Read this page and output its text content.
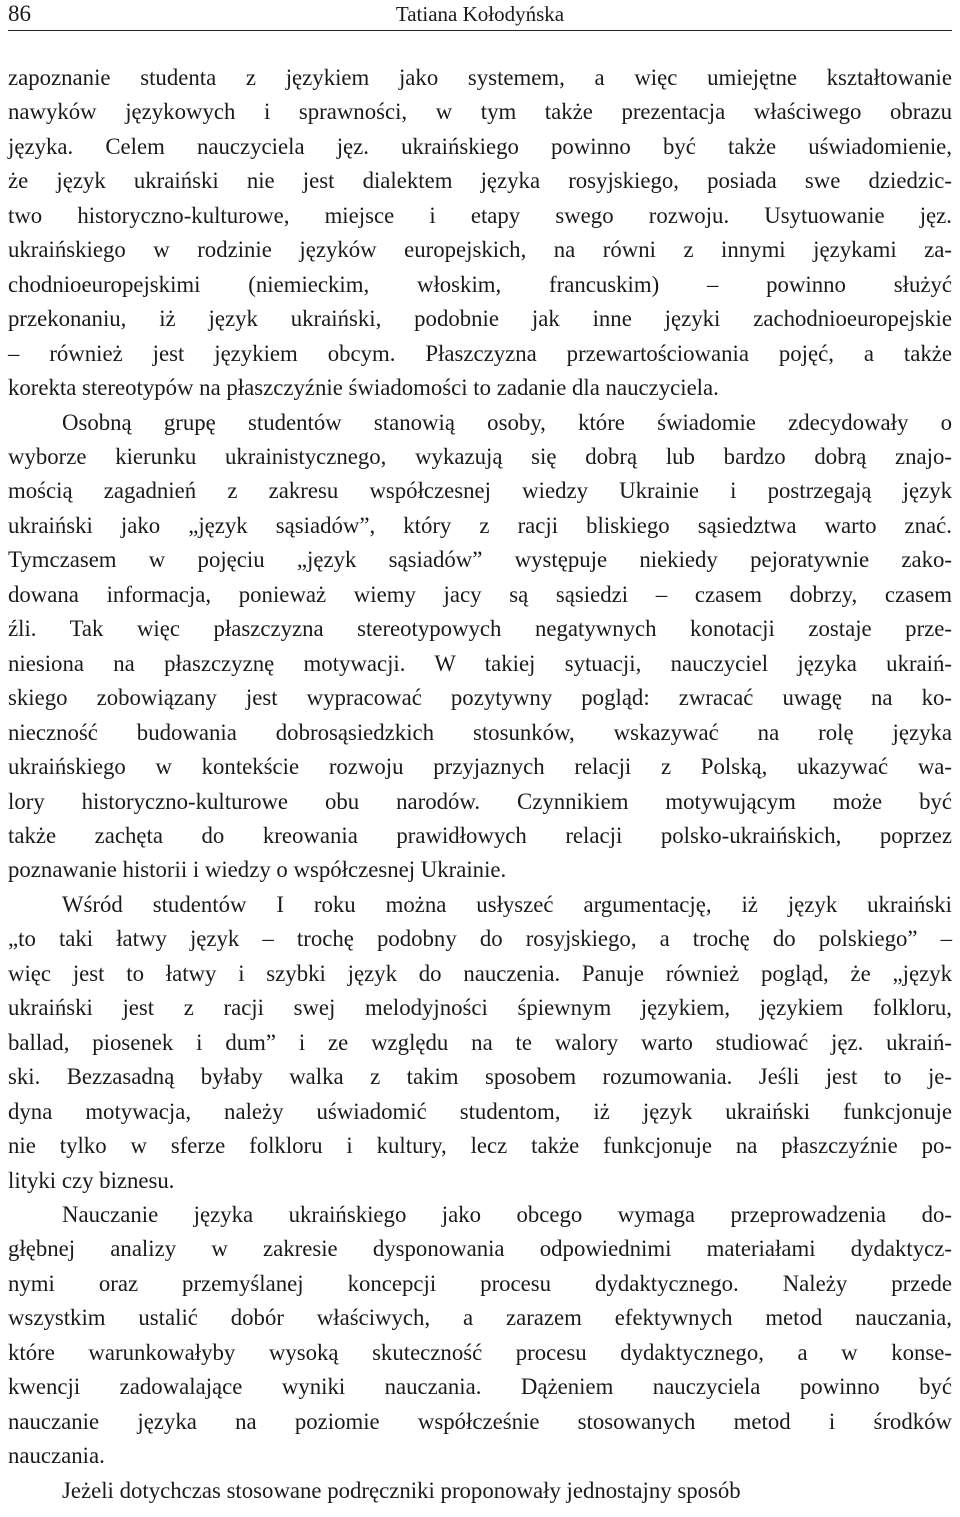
86	Tatiana Kołodyńska

zapoznanie studenta z językiem jako systemem, a więc umiejętne kształtowanie

nawyków językowych i sprawności, w tym także prezentacja właściwego obrazu

języka. Celem nauczyciela jęz. ukraińskiego powinno być także uświadomienie,

że język ukraiński nie jest dialektem języka rosyjskiego, posiada swe dziedzic-

two historyczno-kulturowe, miejsce i etapy swego rozwoju. Usytuowanie jęz.

ukraińskiego w rodzinie języków europejskich, na równi z innymi językami za-

chodnioeuropejskimi (niemieckim, włoskim, francuskim) – powinno służyć

przekonaniu, iż język ukraiński, podobnie jak inne języki zachodnioeuropejskie

– również jest językiem obcym. Płaszczyzna przewartościowania pojęć, a także

korekta stereotypów na płaszczyźnie świadomości to zadanie dla nauczyciela.

Osobną grupę studentów stanowią osoby, które świadomie zdecydowały o

wyborze kierunku ukrainistycznego, wykazują się dobrą lub bardzo dobrą znajo-

mością zagadnień z zakresu współczesnej wiedzy Ukrainie i postrzegają język

ukraiński jako „język sąsiadów”, który z racji bliskiego sąsiedztwa warto znać.

Tymczasem w pojęciu „język sąsiadów” występuje niekiedy pejoratywnie zako-

dowana informacja, ponieważ wiemy jacy są sąsiedzi – czasem dobrzy, czasem

źli. Tak więc płaszczyzna stereotypowych negatywnych konotacji zostaje prze-

niesiona na płaszczyznę motywacji. W takiej sytuacji, nauczyciel języka ukraiń-

skiego zobowiązany jest wypracować pozytywny pogląd: zwracać uwagę na ko-

nieczność budowania dobrosąsiedzkich stosunków, wskazywać na rolę języka

ukraińskiego w kontekście rozwoju przyjaznych relacji z Polską, ukazywać wa-

lory historyczno-kulturowe obu narodów. Czynnikiem motywującym może być

także zachęta do kreowania prawidłowych relacji polsko-ukraińskich, poprzez

poznawanie historii i wiedzy o współczesnej Ukrainie.

Wśród studentów I roku można usłyszeć argumentację, iż język ukraiński

„to taki łatwy język – trochę podobny do rosyjskiego, a trochę do polskiego” –

więc jest to łatwy i szybki język do nauczenia. Panuje również pogląd, że „język

ukraiński jest z racji swej melodyjności śpiewnym językiem, językiem folkloru,

ballad, piosenek i dum” i ze względu na te walory warto studiować jęz. ukraiń-

ski. Bezzasadną byłaby walka z takim sposobem rozumowania. Jeśli jest to je-

dyna motywacja, należy uświadomić studentom, iż język ukraiński funkcjonuje

nie tylko w sferze folkloru i kultury, lecz także funkcjonuje na płaszczyźnie po-

lityki czy biznesu.

Nauczanie języka ukraińskiego jako obcego wymaga przeprowadzenia do-

głębnej analizy w zakresie dysponowania odpowiednimi materiałami dydaktycz-

nymi oraz przemyślanej koncepcji procesu dydaktycznego. Należy przede

wszystkim ustalić dobór właściwych, a zarazem efektywnych metod nauczania,

które warunkowałyby wysoką skuteczność procesu dydaktycznego, a w konse-

kwencji zadowalające wyniki nauczania. Dążeniem nauczyciela powinno być

nauczanie języka na poziomie współcześnie stosowanych metod i środków

nauczania.

Jeżeli dotychczas stosowane podręczniki proponowały jednostajny sposób
